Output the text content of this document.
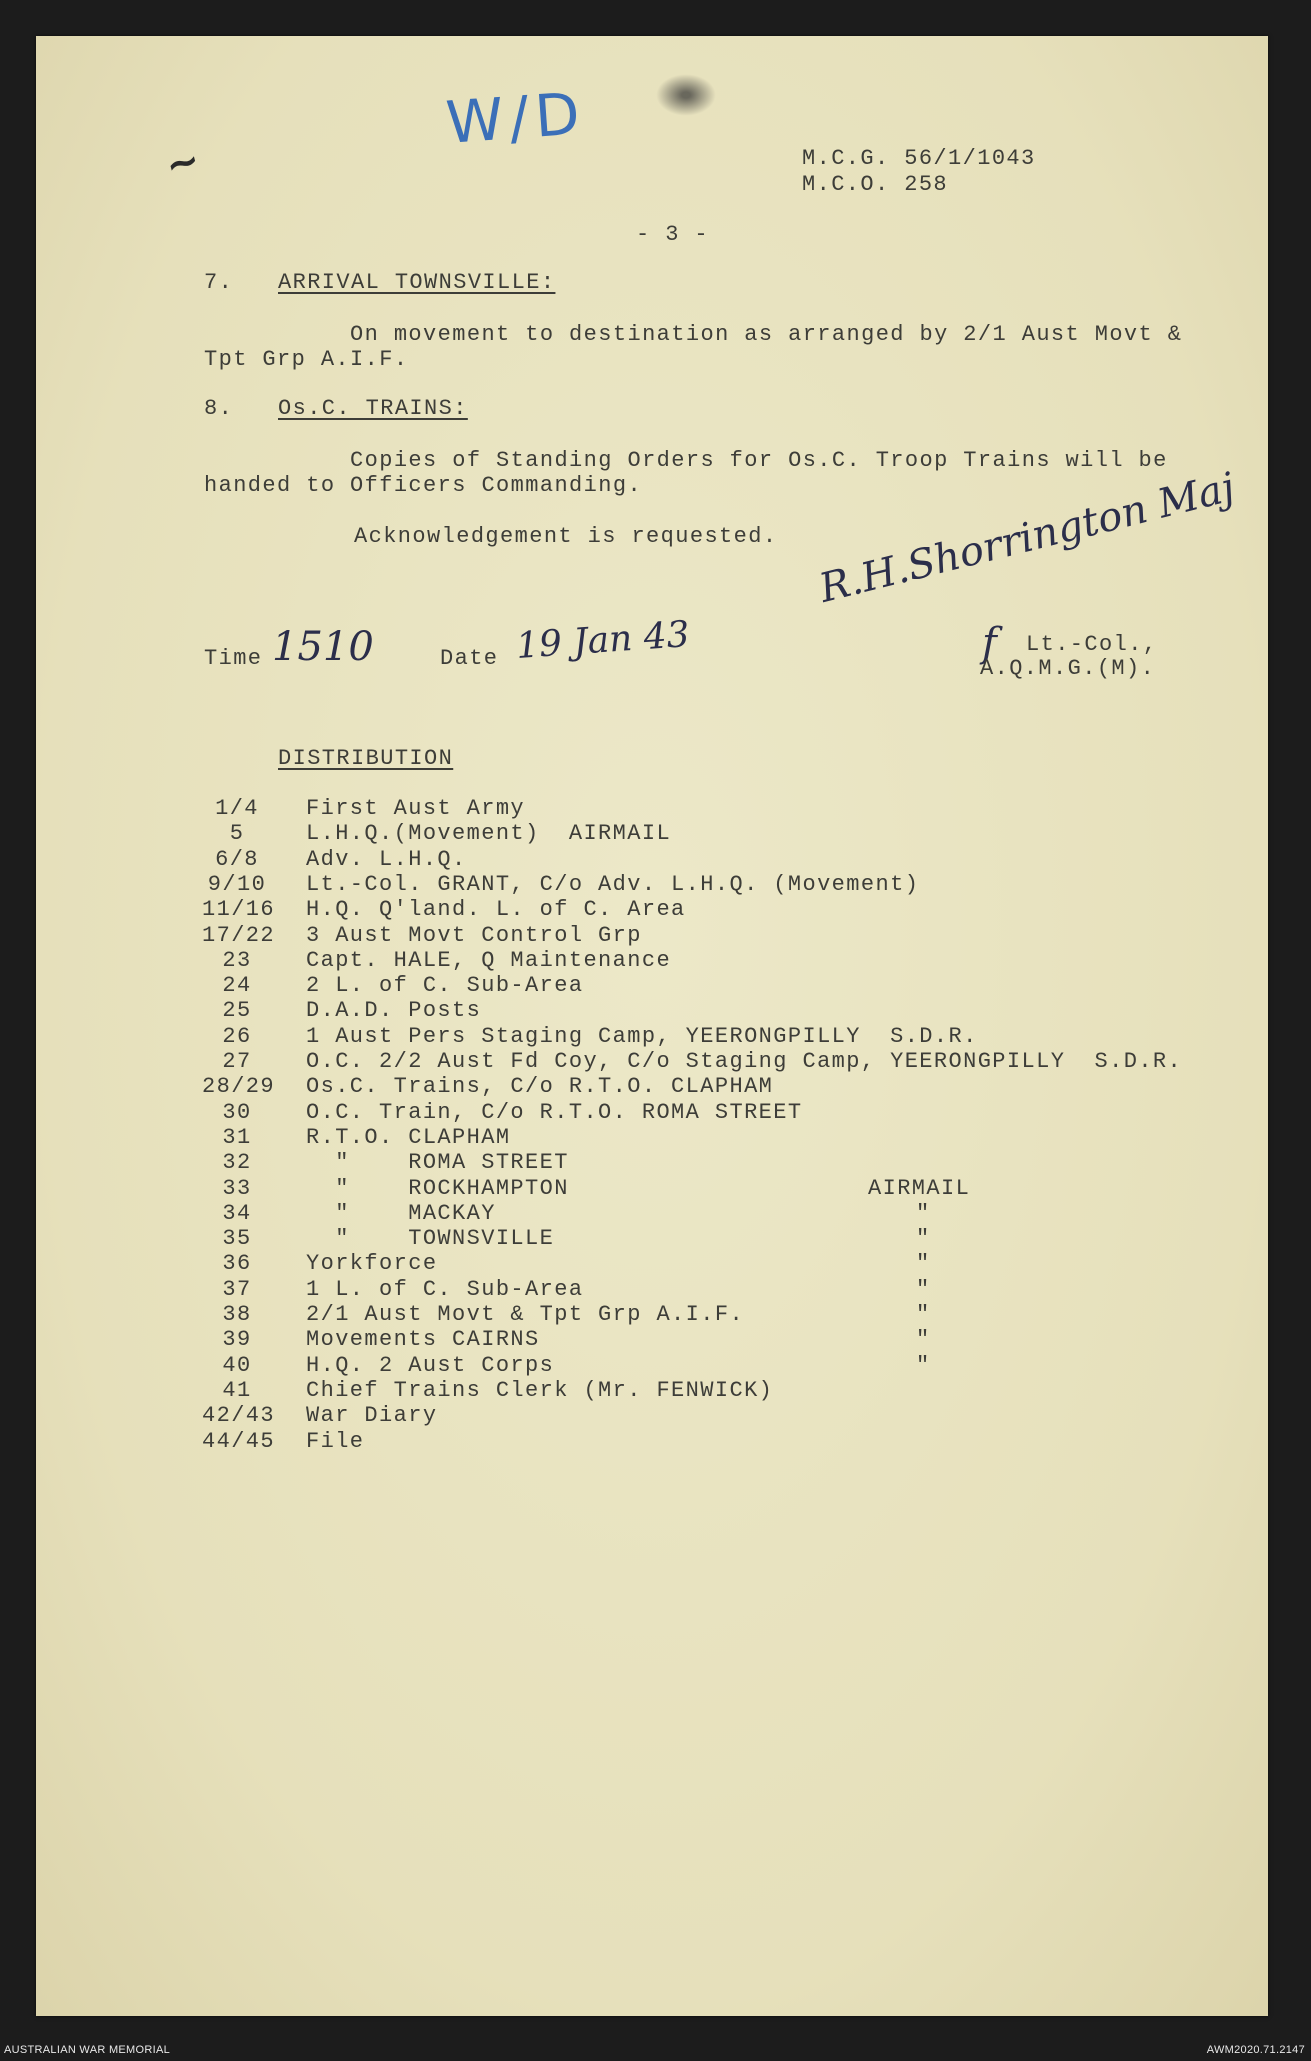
W/D
~	M.C.G. 56/1/1043
M.C.O. 258
- 3 -
7. ARRIVAL TOWNSVILLE:
On movement to destination as arranged by 2/1 Aust Movt &
Tpt Grp A.I.F.
8. Os.C. TRAINS:
Copies of Standing Orders for Os.C. Troop Trains will be
handed to Officers Commanding.
Acknowledgement is requested. R.H.Shorrington Maj
f Lt.-Col.,
A.Q.M.G.(M).
Time 1510	Date 19 Jan 43
DISTRIBUTION
1/4	First Aust Army
5	L.H.Q.(Movement)  AIRMAIL
6/8	Adv. L.H.Q.
9/10 Lt.-Col. GRANT, C/o Adv. L.H.Q. (Movement)
11/16 H.Q. Q'land. L. of C. Area
17/22 3 Aust Movt Control Grp
23	Capt. HALE, Q Maintenance
24	2 L. of C. Sub-Area
25	D.A.D. Posts
26	1 Aust Pers Staging Camp, YEERONGPILLY  S.D.R.
27	O.C. 2/2 Aust Fd Coy, C/o Staging Camp, YEERONGPILLY  S.D.R.
28/29 Os.C. Trains, C/o R.T.O. CLAPHAM
30	O.C. Train, C/o R.T.O. ROMA STREET
31	R.T.O. CLAPHAM
32	"    ROMA STREET
33	"    ROCKHAMPTON	AIRMAIL
34	"    MACKAY	"
35	"    TOWNSVILLE	"
36	Yorkforce	"
37	1 L. of C. Sub-Area	"
38	2/1 Aust Movt & Tpt Grp A.I.F.	"
39	Movements CAIRNS	"
40	H.Q. 2 Aust Corps	"
41	Chief Trains Clerk (Mr. FENWICK)
42/43 War Diary
44/45 File
AUSTRALIAN WAR MEMORIAL	AWM2020.71.2147
